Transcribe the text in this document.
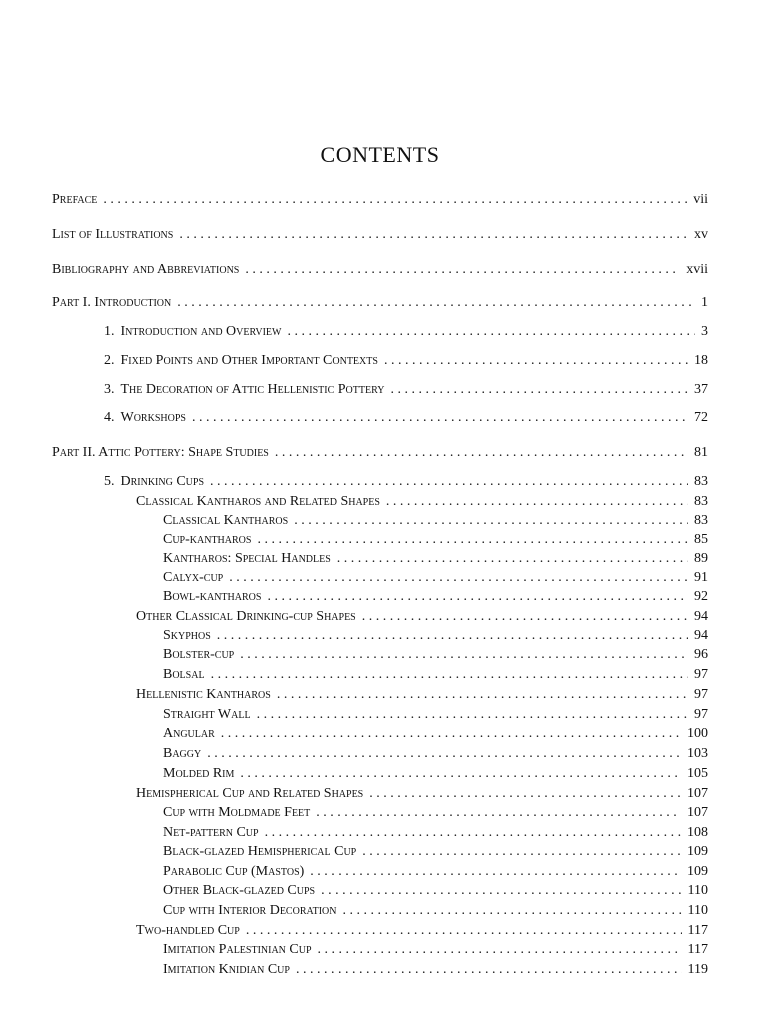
CONTENTS
Preface . . .	vii
List of Illustrations . . .	xv
Bibliography and Abbreviations . . .	xvii
Part I. Introduction . . .	1
1. Introduction and Overview . . .	3
2. Fixed Points and Other Important Contexts . . .	18
3. The Decoration of Attic Hellenistic Pottery . . .	37
4. Workshops . . .	72
Part II. Attic Pottery: Shape Studies . . .	81
5. Drinking Cups . . .	83
Classical Kantharos and Related Shapes . . .	83
Classical Kantharos . . .	83
Cup-kantharos . . .	85
Kantharos: Special Handles . . .	89
Calyx-cup . . .	91
Bowl-kantharos . . .	92
Other Classical Drinking-cup Shapes . . .	94
Skyphos . . .	94
Bolster-cup . . .	96
Bolsal . . .	97
Hellenistic Kantharos . . .	97
Straight Wall . . .	97
Angular . . .	100
Baggy . . .	103
Molded Rim . . .	105
Hemispherical Cup and Related Shapes . . .	107
Cup with Moldmade Feet . . .	107
Net-pattern Cup . . .	108
Black-glazed Hemispherical Cup . . .	109
Parabolic Cup (Mastos) . . .	109
Other Black-glazed Cups . . .	110
Cup with Interior Decoration . . .	110
Two-handled Cup . . .	117
Imitation Palestinian Cup . . .	117
Imitation Knidian Cup . . .	119
